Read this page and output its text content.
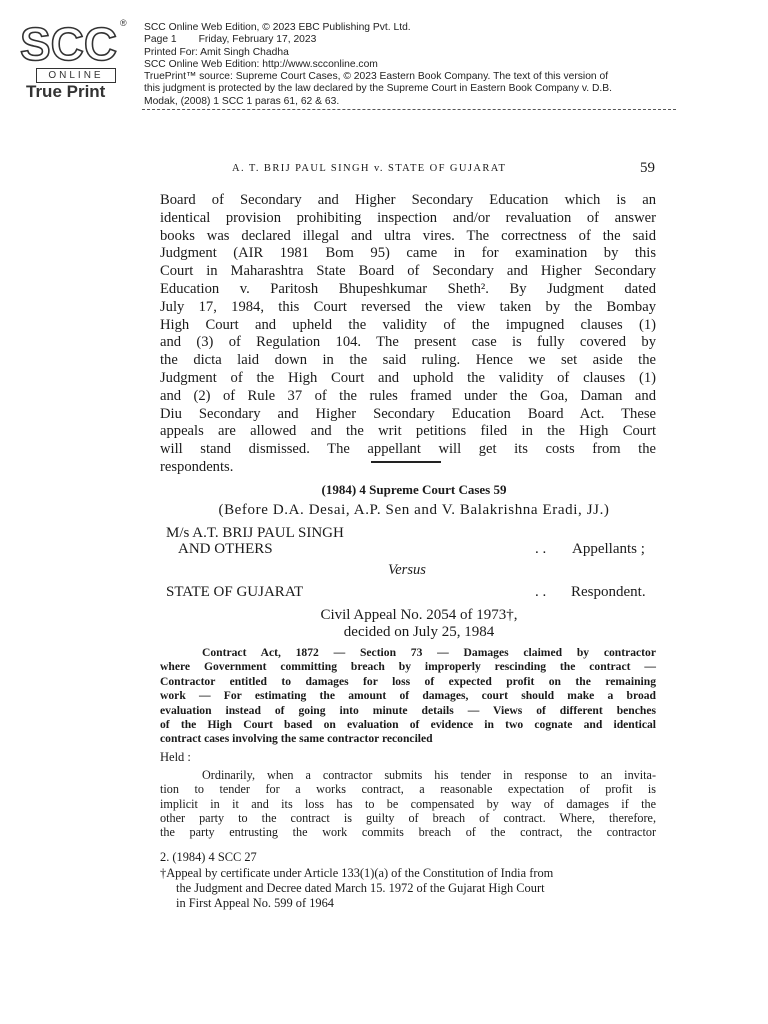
SCC ®
ONLINE
True Print
SCC Online Web Edition, © 2023 EBC Publishing Pvt. Ltd.
Page 1 Friday, February 17, 2023
Printed For: Amit Singh Chadha
SCC Online Web Edition: http://www.scconline.com
TruePrint™ source: Supreme Court Cases, © 2023 Eastern Book Company. The text of this version of
this judgment is protected by the law declared by the Supreme Court in Eastern Book Company v. D.B.
Modak, (2008) 1 SCC 1 paras 61, 62 & 63.
A. T. BRIJ PAUL SINGH v. STATE OF GUJARAT	59
Board of Secondary and Higher Secondary Education which is an
identical provision prohibiting inspection and/or revaluation of answer
books was declared illegal and ultra vires. The correctness of the said
Judgment (AIR 1981 Bom 95) came in for examination by this
Court in Maharashtra State Board of Secondary and Higher Secondary
Education v. Paritosh Bhupeshkumar Sheth². By Judgment dated
July 17, 1984, this Court reversed the view taken by the Bombay
High Court and upheld the validity of the impugned clauses (1)
and (3) of Regulation 104. The present case is fully covered by
the dicta laid down in the said ruling. Hence we set aside the
Judgment of the High Court and uphold the validity of clauses (1)
and (2) of Rule 37 of the rules framed under the Goa, Daman and
Diu Secondary and Higher Secondary Education Board Act. These
appeals are allowed and the writ petitions filed in the High Court
will stand dismissed. The appellant will get its costs from the
respondents.
(1984) 4 Supreme Court Cases 59
(Before D.A. Desai, A.P. Sen and V. Balakrishna Eradi, JJ.)
M/s A.T. BRIJ PAUL SINGH
AND OTHERS	. . Appellants ;
Versus
STATE OF GUJARAT	. . Respondent.
Civil Appeal No. 2054 of 1973†,
decided on July 25, 1984
Contract Act, 1872 — Section 73 — Damages claimed by contractor
where Government committing breach by improperly rescinding the contract —
Contractor entitled to damages for loss of expected profit on the remaining
work — For estimating the amount of damages, court should make a broad
evaluation instead of going into minute details — Views of different benches
of the High Court based on evaluation of evidence in two cognate and identical
contract cases involving the same contractor reconciled
Held :
Ordinarily, when a contractor submits his tender in response to an invita-
tion to tender for a works contract, a reasonable expectation of profit is
implicit in it and its loss has to be compensated by way of damages if the
other party to the contract is guilty of breach of contract. Where, therefore,
the party entrusting the work commits breach of the contract, the contractor
2. (1984) 4 SCC 27
†Appeal by certificate under Article 133(1)(a) of the Constitution of India from
the Judgment and Decree dated March 15. 1972 of the Gujarat High Court
in First Appeal No. 599 of 1964
